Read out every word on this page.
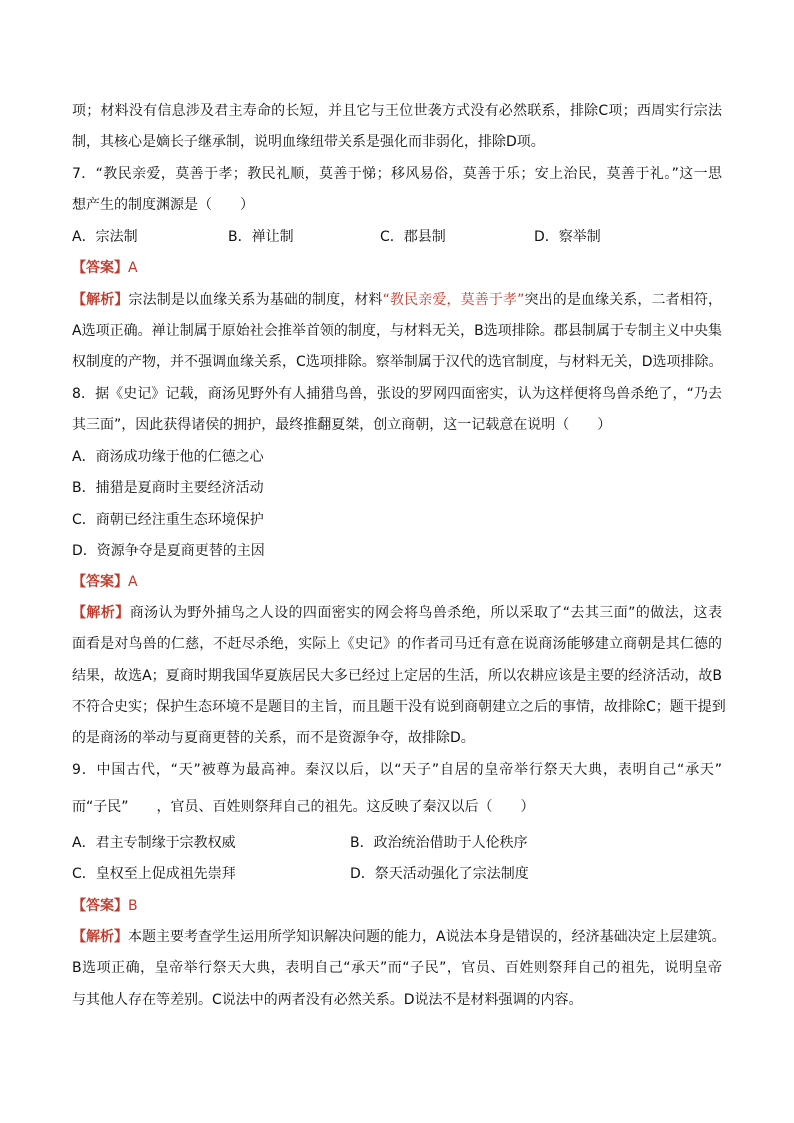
项；材料没有信息涉及君主寿命的长短，并且它与王位世袭方式没有必然联系，排除C项；西周实行宗法
制，其核心是嫡长子继承制，说明血缘纽带关系是强化而非弱化，排除D项。
7．“教民亲爱，莫善于孝；教民礼顺，莫善于悌；移风易俗，莫善于乐；安上治民，莫善于礼。”这一思
想产生的制度渊源是（　　）
A．宗法制	B．禅让制	C．郡县制	D．察举制
【答案】A
【解析】宗法制是以血缘关系为基础的制度，材料“教民亲爱，莫善于孝”突出的是血缘关系，二者相符，
A选项正确。禅让制属于原始社会推举首领的制度，与材料无关，B选项排除。郡县制属于专制主义中央集
权制度的产物，并不强调血缘关系，C选项排除。察举制属于汉代的选官制度，与材料无关，D选项排除。
8．据《史记》记载，商汤见野外有人捕猎鸟兽，张设的罗网四面密实，认为这样便将鸟兽杀绝了，“乃去
其三面”，因此获得诸侯的拥护，最终推翻夏桀，创立商朝，这一记载意在说明（　　）
A．商汤成功缘于他的仁德之心
B．捕猎是夏商时主要经济活动
C．商朝已经注重生态环境保护
D．资源争夺是夏商更替的主因
【答案】A
【解析】商汤认为野外捕鸟之人设的四面密实的网会将鸟兽杀绝，所以采取了“去其三面”的做法，这表
面看是对鸟兽的仁慈，不赶尽杀绝，实际上《史记》的作者司马迁有意在说商汤能够建立商朝是其仁德的
结果，故选A；夏商时期我国华夏族居民大多已经过上定居的生活，所以农耕应该是主要的经济活动，故B
不符合史实；保护生态环境不是题目的主旨，而且题干没有说到商朝建立之后的事情，故排除C；题干提到
的是商汤的举动与夏商更替的关系，而不是资源争夺，故排除D。
9．中国古代，“天”被尊为最高神。秦汉以后，以“天子”自居的皇帝举行祭天大典，表明自己“承天”
而“子民”　　，官员、百姓则祭拜自己的祖先。这反映了秦汉以后（　　）
A．君主专制缘于宗教权威	B．政治统治借助于人伦秩序
C．皇权至上促成祖先崇拜	D．祭天活动强化了宗法制度
【答案】B
【解析】本题主要考查学生运用所学知识解决问题的能力，A说法本身是错误的，经济基础决定上层建筑。
B选项正确，皇帝举行祭天大典，表明自己“承天”而“子民”，官员、百姓则祭拜自己的祖先，说明皇帝
与其他人存在等差别。C说法中的两者没有必然关系。D说法不是材料强调的内容。
